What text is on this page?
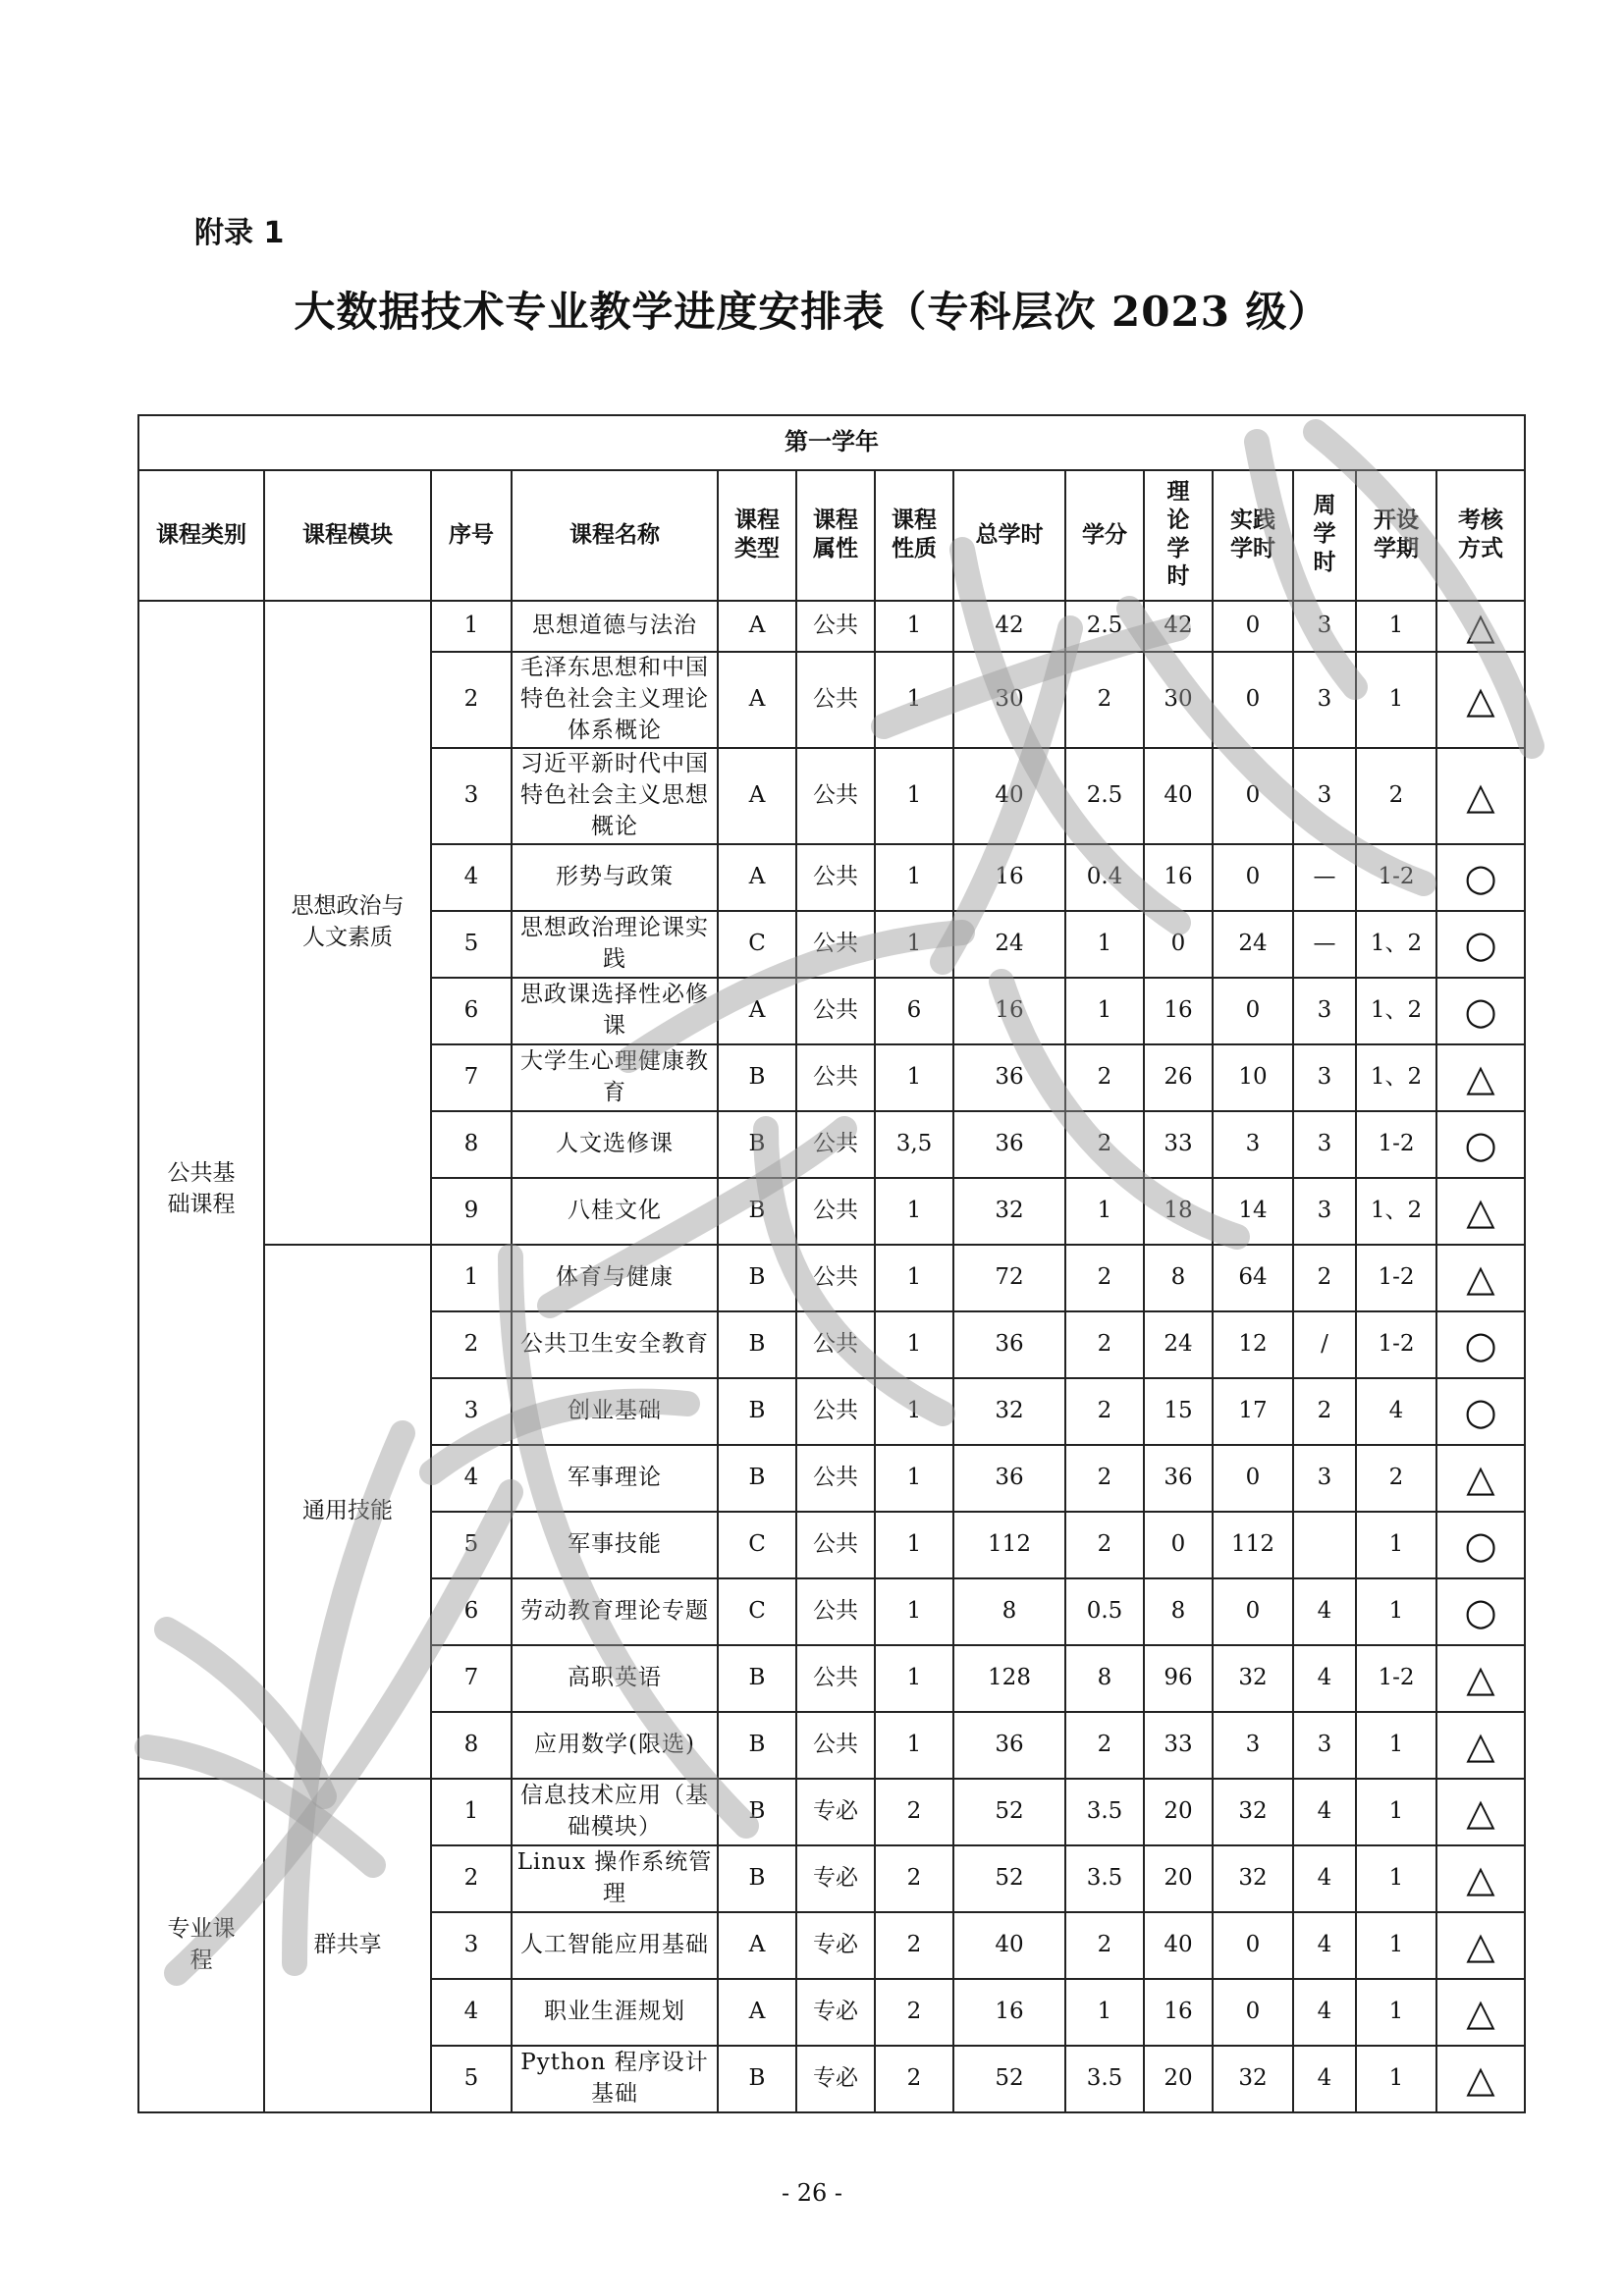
附录 1
大数据技术专业教学进度安排表（专科层次 2023 级）
第一学年													
课程类别	课程模块	序号	课程名称	课程类型	课程属性	课程性质	总学时	学分	理论学时	实践学时	周学时	开设学期	考核方式
公共基础课程	思想政治与人文素质	1	思想道德与法治	A	公共	1	42	2.5	42	0	3	1	△
		2	毛泽东思想和中国特色社会主义理论体系概论	A	公共	1	30	2	30	0	3	1	△
		3	习近平新时代中国特色社会主义思想概论	A	公共	1	40	2.5	40	0	3	2	△
		4	形势与政策	A	公共	1	16	0.4	16	0	—	1-2	○
		5	思想政治理论课实践	C	公共	1	24	1	0	24	—	1、2	○
		6	思政课选择性必修课	A	公共	6	16	1	16	0	3	1、2	○
		7	大学生心理健康教育	B	公共	1	36	2	26	10	3	1、2	△
		8	人文选修课	B	公共	3,5	36	2	33	3	3	1-2	○
		9	八桂文化	B	公共	1	32	1	18	14	3	1、2	△
	通用技能	1	体育与健康	B	公共	1	72	2	8	64	2	1-2	△
		2	公共卫生安全教育	B	公共	1	36	2	24	12	/	1-2	○
		3	创业基础	B	公共	1	32	2	15	17	2	4	○
		4	军事理论	B	公共	1	36	2	36	0	3	2	△
		5	军事技能	C	公共	1	112	2	0	112		1	○
		6	劳动教育理论专题	C	公共	1	8	0.5	8	0	4	1	○
		7	高职英语	B	公共	1	128	8	96	32	4	1-2	△
		8	应用数学(限选)	B	公共	1	36	2	33	3	3	1	△
专业课程	群共享	1	信息技术应用（基础模块）	B	专必	2	52	3.5	20	32	4	1	△
		2	Linux 操作系统管理	B	专必	2	52	3.5	20	32	4	1	△
		3	人工智能应用基础	A	专必	2	40	2	40	0	4	1	△
		4	职业生涯规划	A	专必	2	16	1	16	0	4	1	△
		5	Python 程序设计基础	B	专必	2	52	3.5	20	32	4	1	△
严禁复制
- 26 -
